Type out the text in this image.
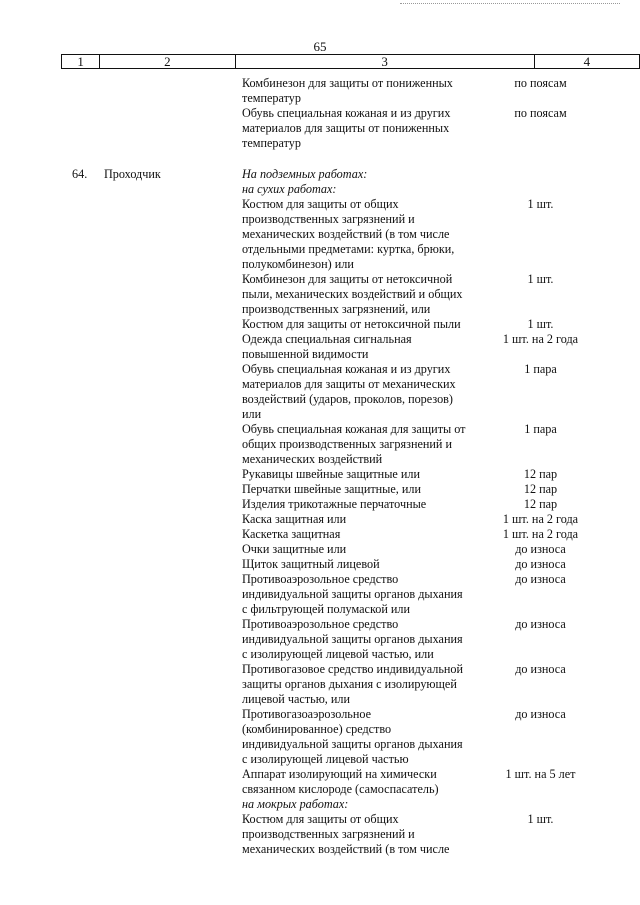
65
1	2	3	4
Комбинезон для защиты от пониженных	по поясам
температур
Обувь специальная кожаная и из других	по поясам
материалов для защиты от пониженных
температур
64.	Проходчик	На подземных работах:
на сухих работах:
Костюм для защиты от общих	1 шт.
производственных загрязнений и
механических воздействий (в том числе
отдельными предметами: куртка, брюки,
полукомбинезон) или
Комбинезон для защиты от нетоксичной	1 шт.
пыли, механических воздействий и общих
производственных загрязнений, или
Костюм для защиты от нетоксичной пыли	1 шт.
Одежда специальная сигнальная	1 шт. на 2 года
повышенной видимости
Обувь специальная кожаная и из других	1 пара
материалов для защиты от механических
воздействий (ударов, проколов, порезов)
или
Обувь специальная кожаная для защиты от	1 пара
общих производственных загрязнений и
механических воздействий
Рукавицы швейные защитные или	12 пар
Перчатки швейные защитные, или	12 пар
Изделия трикотажные перчаточные	12 пар
Каска защитная или	1 шт. на 2 года
Каскетка защитная	1 шт. на 2 года
Очки защитные или	до износа
Щиток защитный лицевой	до износа
Противоаэрозольное средство	до износа
индивидуальной защиты органов дыхания
с фильтрующей полумаской или
Противоаэрозольное средство	до износа
индивидуальной защиты органов дыхания
с изолирующей лицевой частью, или
Противогазовое средство индивидуальной	до износа
защиты органов дыхания с изолирующей
лицевой частью, или
Противогазоаэрозольное	до износа
(комбинированное) средство
индивидуальной защиты органов дыхания
с изолирующей лицевой частью
Аппарат изолирующий на химически	1 шт. на 5 лет
связанном кислороде (самоспасатель)
на мокрых работах:
Костюм для защиты от общих	1 шт.
производственных загрязнений и
механических воздействий (в том числе
